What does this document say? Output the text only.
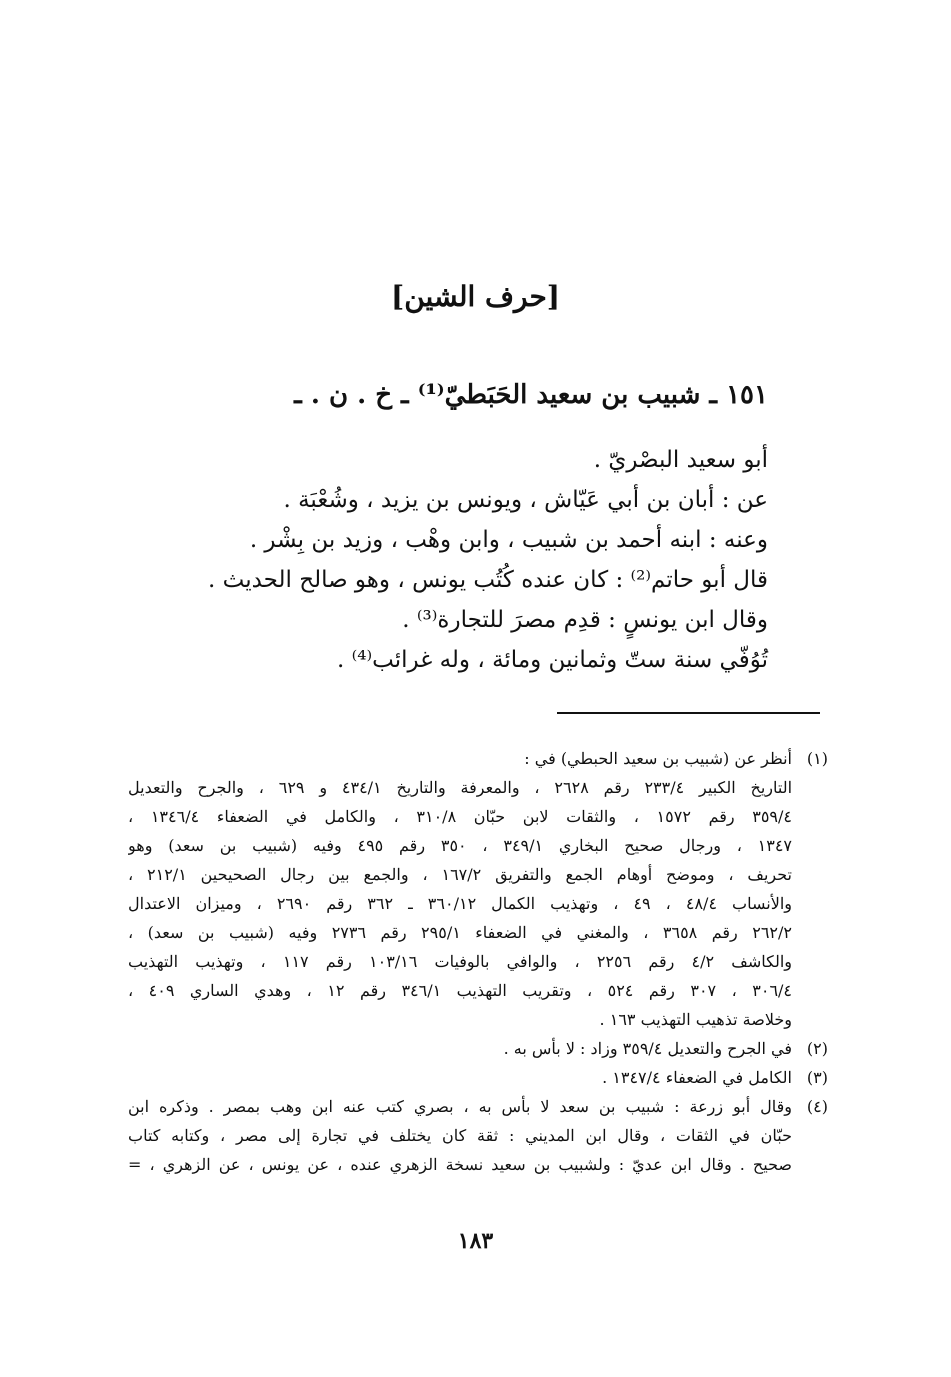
[حرف الشين]
١٥١ ـ شبيب بن سعيد الحَبَطيّ⁽¹⁾ ـ خ . ن . ـ
أبو سعيد البصْريّ .
عن : أبان بن أبي عَيّاش ، ويونس بن يزيد ، وشُعْبَة .
وعنه : ابنه أحمد بن شبيب ، وابن وهْب ، وزيد بن بِشْر .
قال أبو حاتم⁽²⁾ : كان عنده كُتُب يونس ، وهو صالح الحديث .
وقال ابن يونسٍ : قدِم مصرَ للتجارة⁽³⁾ .
تُوُفّي سنة ستّ وثمانين ومائة ، وله غرائب⁽⁴⁾ .
(١)
أنظر عن (شبيب بن سعيد الحبطي) في :
التاريخ الكبير ٢٣٣/٤ رقم ٢٦٢٨ ، والمعرفة والتاريخ ٤٣٤/١ و ٦٢٩ ، والجرح والتعديل
٣٥٩/٤ رقم ١٥٧٢ ، والثقات لابن حبّان ٣١٠/٨ ، والكامل في الضعفاء ١٣٤٦/٤ ،
١٣٤٧ ، ورجال صحيح البخاري ٣٤٩/١ ، ٣٥٠ رقم ٤٩٥ وفيه (شبيب بن سعد) وهو
تحريف ، وموضح أوهام الجمع والتفريق ١٦٧/٢ ، والجمع بين رجال الصحيحين ٢١٢/١ ،
والأنساب ٤٨/٤ ، ٤٩ ، وتهذيب الكمال ٣٦٠/١٢ ـ ٣٦٢ رقم ٢٦٩٠ ، وميزان الاعتدال
٢٦٢/٢ رقم ٣٦٥٨ ، والمغني في الضعفاء ٢٩٥/١ رقم ٢٧٣٦ وفيه (شبيب بن سعد) ،
والكاشف ٤/٢ رقم ٢٢٥٦ ، والوافي بالوفيات ١٠٣/١٦ رقم ١١٧ ، وتهذيب التهذيب
٣٠٦/٤ ، ٣٠٧ رقم ٥٢٤ ، وتقريب التهذيب ٣٤٦/١ رقم ١٢ ، وهدي الساري ٤٠٩ ،
وخلاصة تذهيب التهذيب ١٦٣ .
(٢)
في الجرح والتعديل ٣٥٩/٤ وزاد : لا بأس به .
(٣)
الكامل في الضعفاء ١٣٤٧/٤ .
(٤)
وقال أبو زرعة : شبيب بن سعد لا بأس به ، بصري كتب عنه ابن وهب بمصر . وذكره ابن
حبّان في الثقات ، وقال ابن المديني : ثقة كان يختلف في تجارة إلى مصر ، وكتابه كتاب
صحيح . وقال ابن عديّ : ولشبيب بن سعيد نسخة الزهري عنده ، عن يونس ، عن الزهري ، =
١٨٣
